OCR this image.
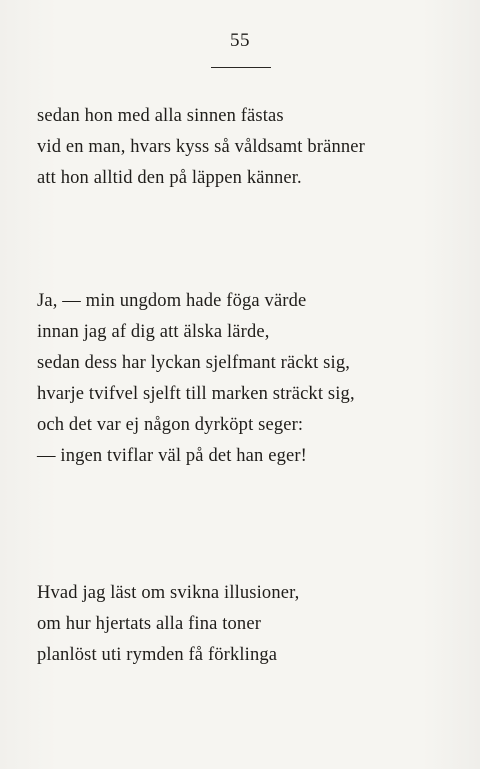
55
sedan hon med alla sinnen fästas
vid en man, hvars kyss så våldsamt bränner
att hon alltid den på läppen känner.
Ja, — min ungdom hade föga värde
innan jag af dig att älska lärde,
sedan dess har lyckan sjelfmant räckt sig,
hvarje tvifvel sjelft till marken sträckt sig,
och det var ej någon dyrköpt seger:
— ingen tviflar väl på det han eger!
Hvad jag läst om svikna illusioner,
om hur hjertats alla fina toner
planlöst uti rymden få förklinga
